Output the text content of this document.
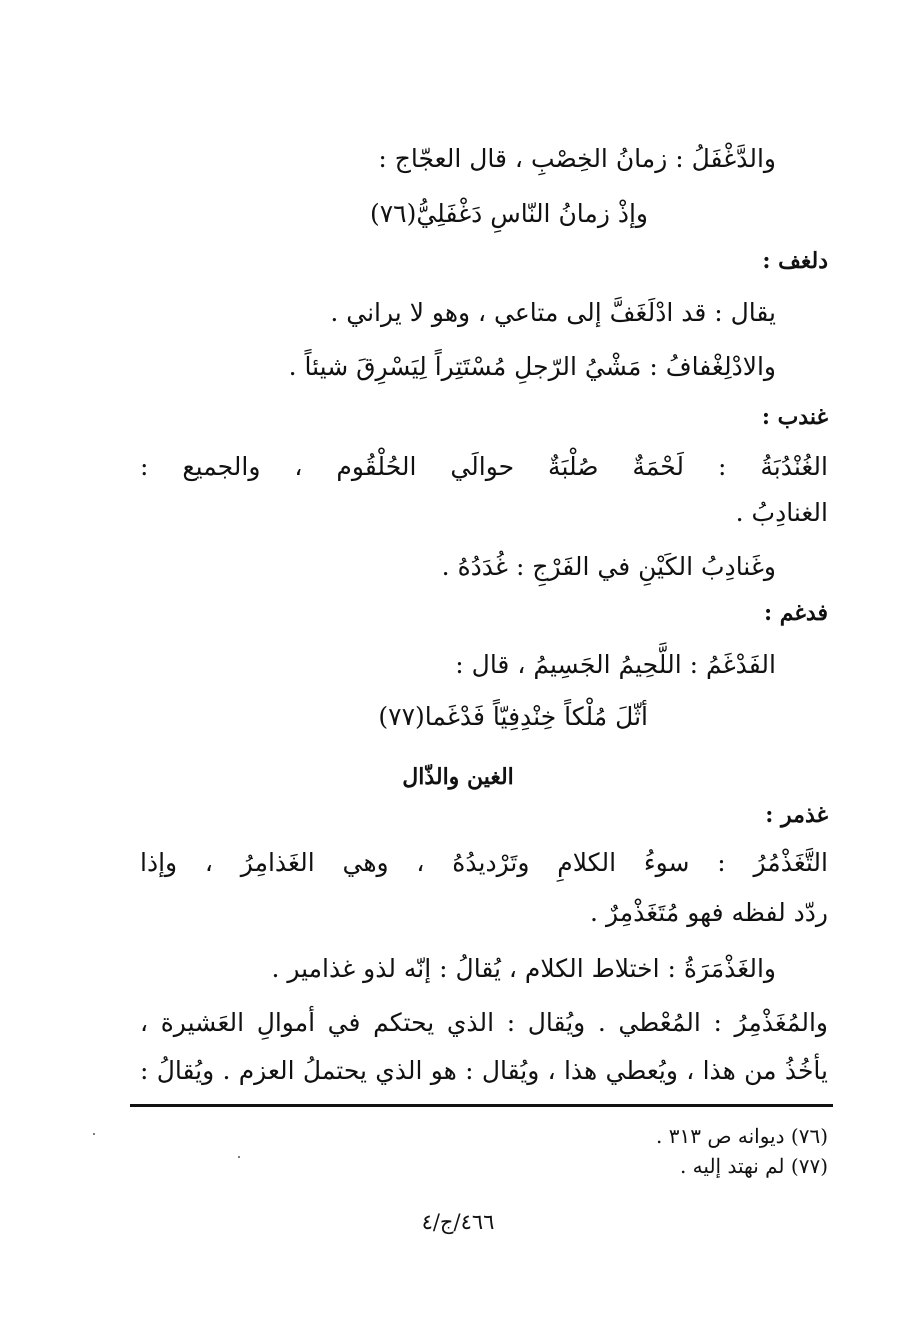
والدَّغْفَلُ : زمانُ الخِصْبِ ، قال العجّاج :
وإذْ زمانُ النّاسِ دَغْفَلِيُّ(٧٦)
دلغف :
يقال : قد ادْلَغَفَّ إلى متاعي ، وهو لا يراني .
والادْلِغْفافُ : مَشْيُ الرّجلِ مُسْتَتِراً لِيَسْرِقَ شيئاً .
غندب :
الغُنْدُبَةُ : لَحْمَةٌ صُلْبَةٌ حوالَي الحُلْقُوم ، والجميع :
الغنادِبُ .
وغَنادِبُ الكَيْنِ في الفَرْجِ : غُدَدُهُ .
فدغم :
الفَدْغَمُ : اللَّحِيمُ الجَسِيمُ ، قال :
أثّلَ مُلْكاً خِنْدِفِيّاً فَدْغَما(٧٧)
الغين والذّال
غذمر :
التَّغَذْمُرُ : سوءُ الكلامِ وتَرْديدُهُ ، وهي الغَذامِرُ ، وإذا
ردّد لفظه فهو مُتَغَذْمِرٌ .
والغَذْمَرَةُ : اختلاط الكلام ، يُقالُ : إنّه لذو غذامير .
والمُغَذْمِرُ : المُعْطي . ويُقال : الذي يحتكم في أموالِ العَشيرة ،
يأخُذُ من هذا ، ويُعطي هذا ، ويُقال : هو الذي يحتملُ العزم . ويُقالُ :
(٧٦) ديوانه ص ٣١٣ .
(٧٧) لم نهتد إليه .
٤٦٦/ج/٤
